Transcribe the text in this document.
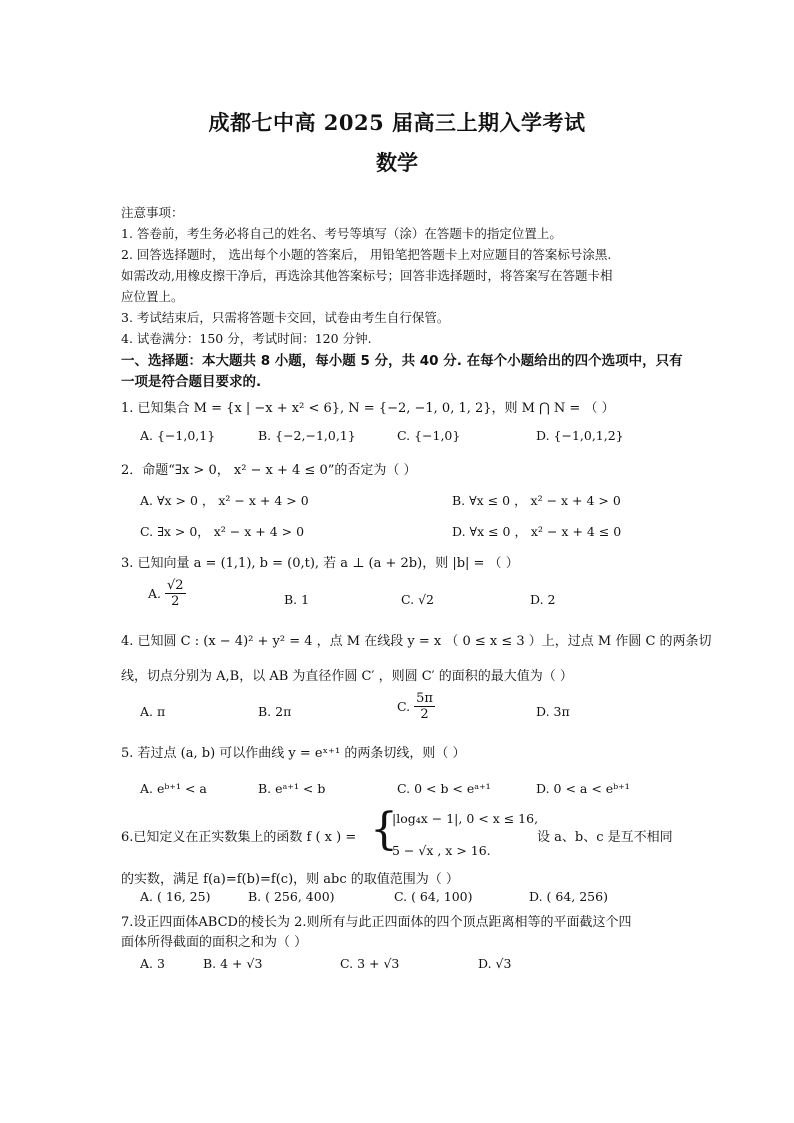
成都七中高 2025 届高三上期入学考试
数学
注意事项：
1. 答卷前，考生务必将自己的姓名、考号等填写（涂）在答题卡的指定位置上。
2. 回答选择题时， 选出每个小题的答案后， 用铅笔把答题卡上对应题目的答案标号涂黑.
如需改动,用橡皮擦干净后，再选涂其他答案标号；回答非选择题时，将答案写在答题卡相
应位置上。
3. 考试结束后，只需将答题卡交回，试卷由考生自行保管。
4. 试卷满分：150 分，考试时间：120 分钟.
一、选择题：本大题共 8 小题，每小题 5 分，共 40 分. 在每个小题给出的四个选项中，只有
一项是符合题目要求的.
1. 已知集合 M = {x | −x + x² < 6}, N = {−2, −1, 0, 1, 2}，则 M ⋂ N = （ ）
A. {−1,0,1}	B. {−2,−1,0,1}	C. {−1,0}	D. {−1,0,1,2}
2．命题“∃x > 0， x² − x + 4 ≤ 0”的否定为（ ）
A. ∀x > 0 ， x² − x + 4 > 0	B. ∀x ≤ 0 ， x² − x + 4 > 0
C. ∃x > 0， x² − x + 4 > 0	D. ∀x ≤ 0 ， x² − x + 4 ≤ 0
3. 已知向量 a = (1,1), b = (0,t), 若 a ⊥ (a + 2b)，则 |b| = （ ）
A. $\frac{√2}{2}$	B. 1	C. √2	D. 2
4. 已知圆 C : (x − 4)² + y² = 4 ，点 M 在线段 y = x （ 0 ≤ x ≤ 3 ）上，过点 M 作圆 C 的两条切
线，切点分别为 A,B，以 AB 为直径作圆 C′ ，则圆 C′ 的面积的最大值为（ ）
A. π	B. 2π	C. $\frac{5\pi}{2}$	D. 3π
5. 若过点 (a, b) 可以作曲线 y = eˣ⁺¹ 的两条切线，则（ ）
A. eᵇ⁺¹ < a	B. eᵃ⁺¹ < b	C. 0 < b < eᵃ⁺¹	D. 0 < a < eᵇ⁺¹
6.已知定义在正实数集上的函数 f ( x ) = {
|log₄x − 1|, 0 < x ≤ 16,
5 − √x , x > 16.
设 a、b、c 是互不相同
的实数，满足 f(a)=f(b)=f(c)，则 abc 的取值范围为（ ）
A. ( 16, 25)	B. ( 256, 400)	C. ( 64, 100)	D. ( 64, 256)
7.设正四面体ABCD的棱长为 2.则所有与此正四面体的四个顶点距离相等的平面截这个四
面体所得截面的面积之和为（ ）
A. 3	B. 4 + √3	C. 3 + √3	D. √3
